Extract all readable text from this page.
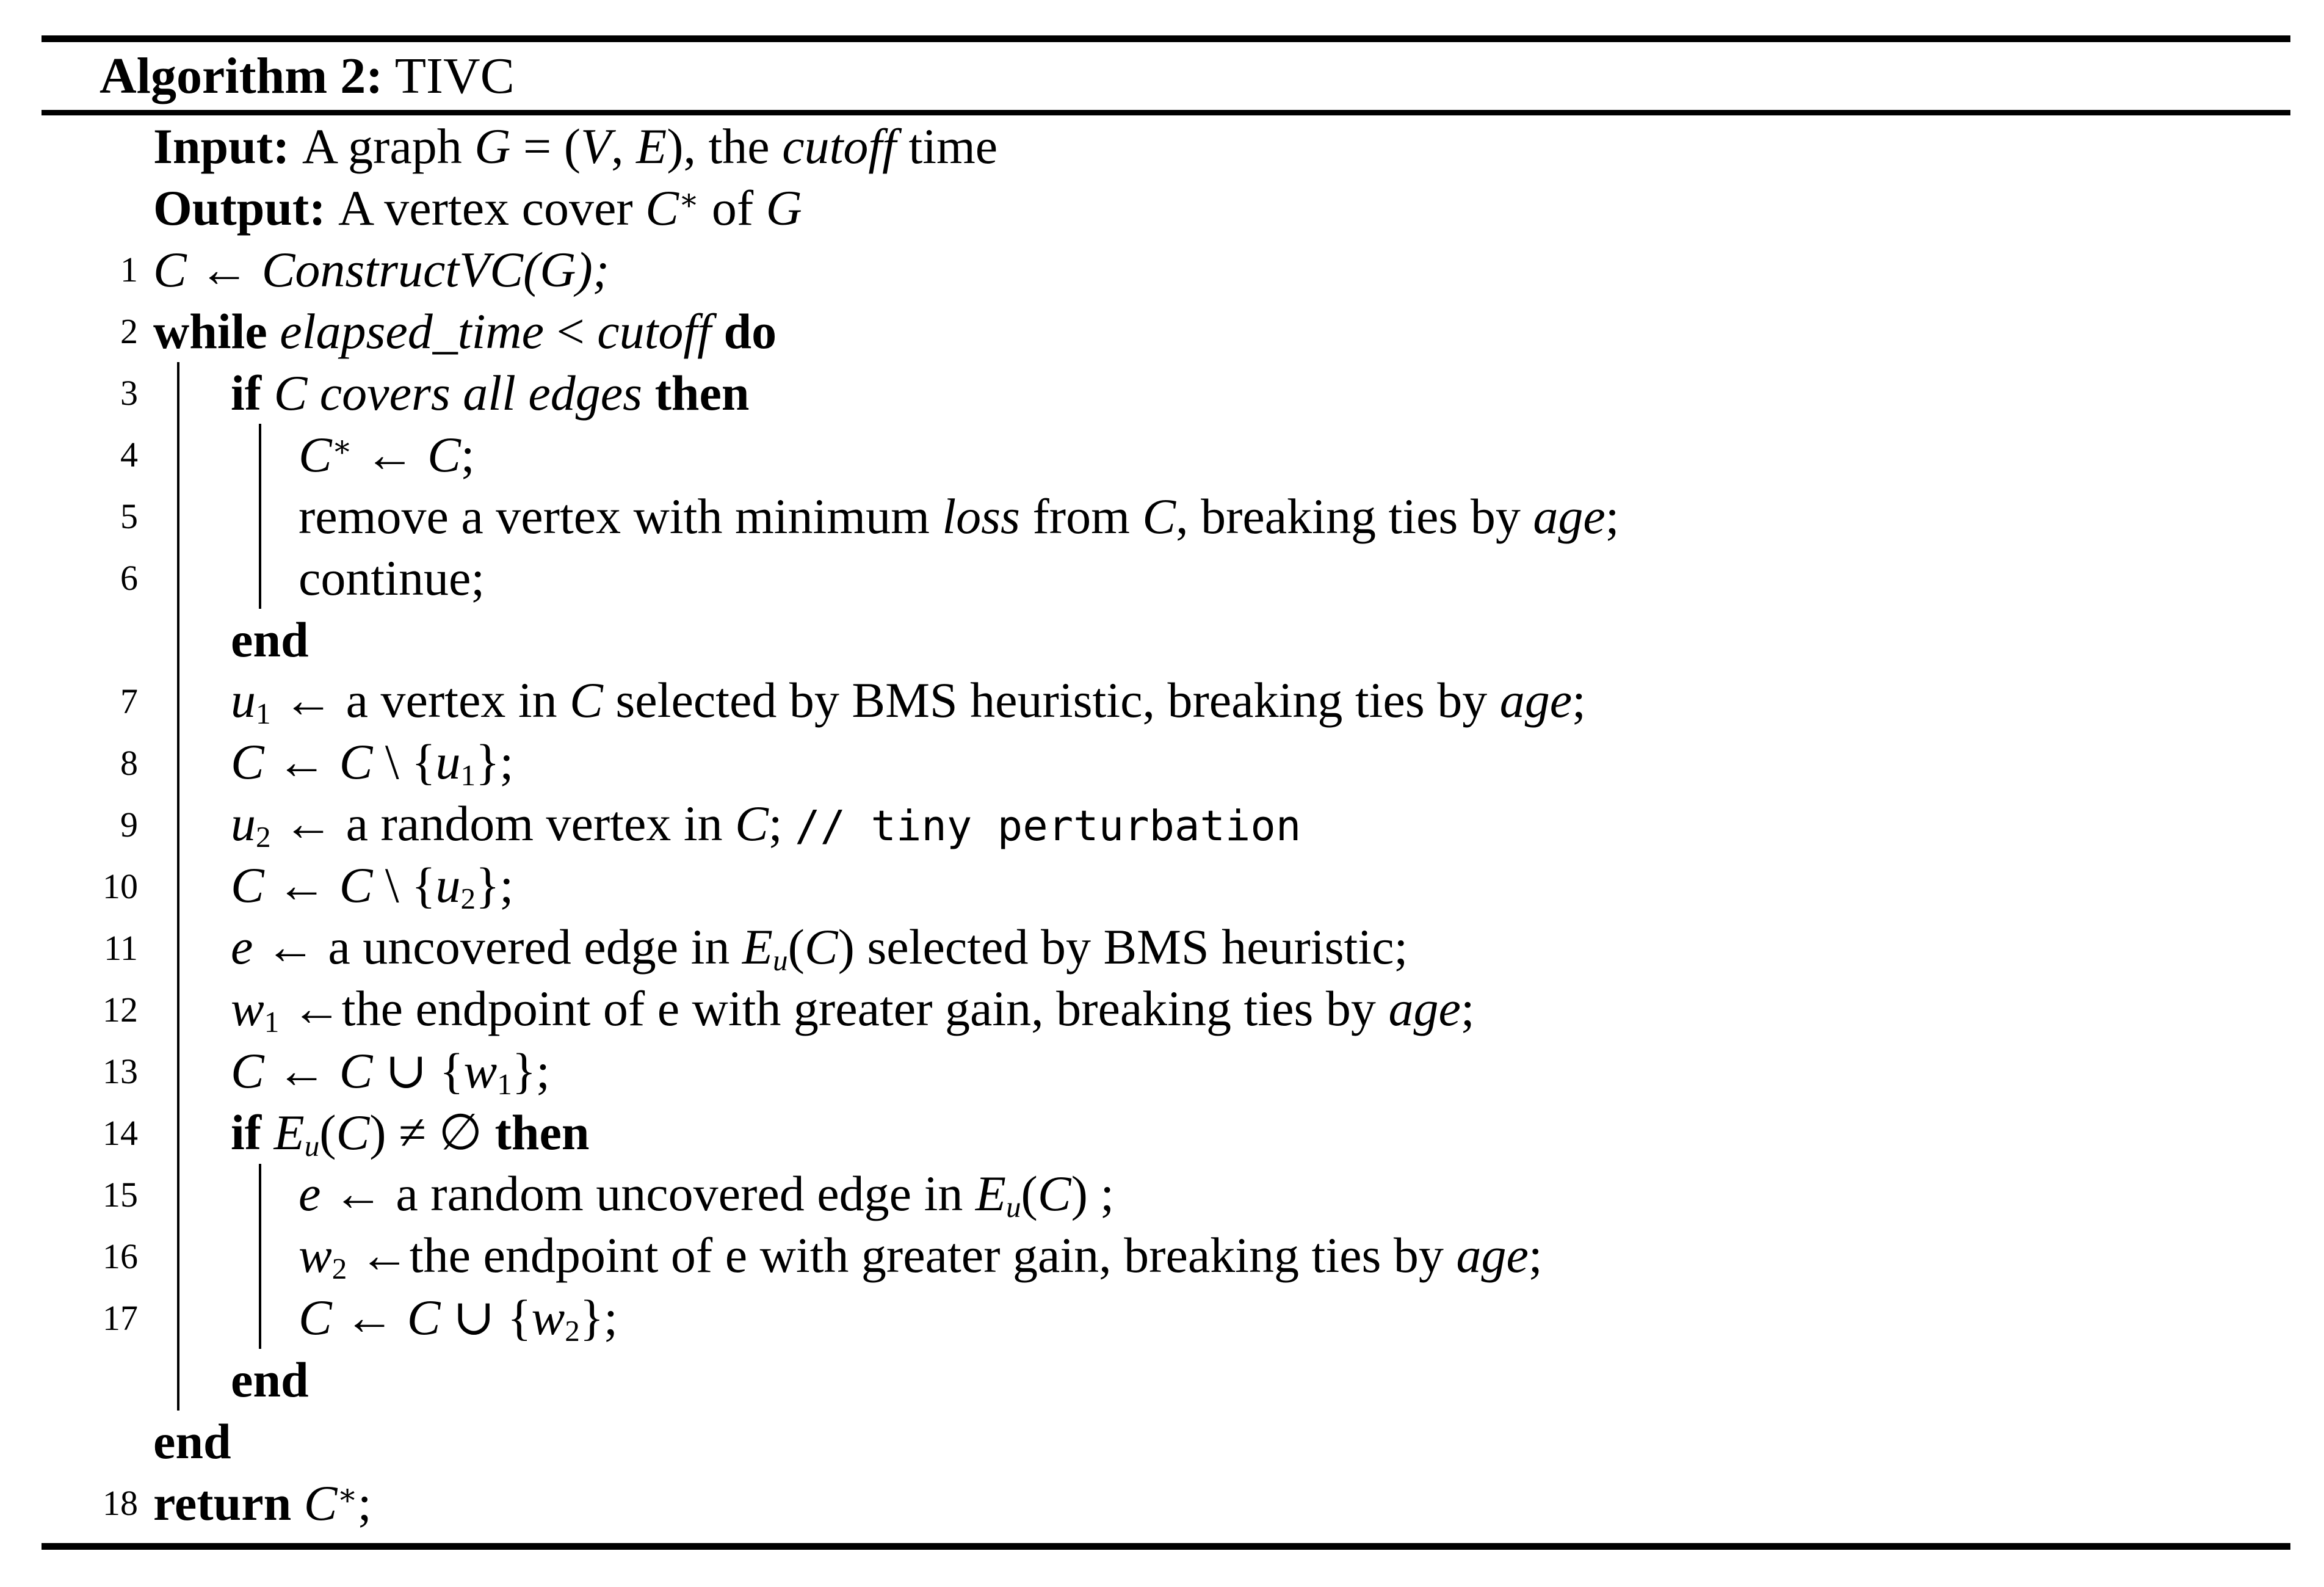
Algorithm 2: TIVC
Input: A graph G = (V, E), the cutoff time
Output: A vertex cover C∗ of G
1 C ← ConstructVC(G);
2 while elapsed_time < cutoff do
3 if C covers all edges then
4	C∗ ← C;
5	remove a vertex with minimum loss from C, breaking ties by age;
6	continue;
end
7 u1 ← a vertex in C selected by BMS heuristic, breaking ties by age;
8 C ← C \ {u1};
9 u2 ← a random vertex in C; // tiny perturbation
10 C ← C \ {u2};
11 e ← a uncovered edge in Eu(C) selected by BMS heuristic;
12 w1 ←the endpoint of e with greater gain, breaking ties by age;
13 C ← C ∪ {w1};
14 if Eu(C) ≠ ∅ then
15	e ← a random uncovered edge in Eu(C) ;
16	w2 ←the endpoint of e with greater gain, breaking ties by age;
17	C ← C ∪ {w2};
end
end
18 return C∗;
